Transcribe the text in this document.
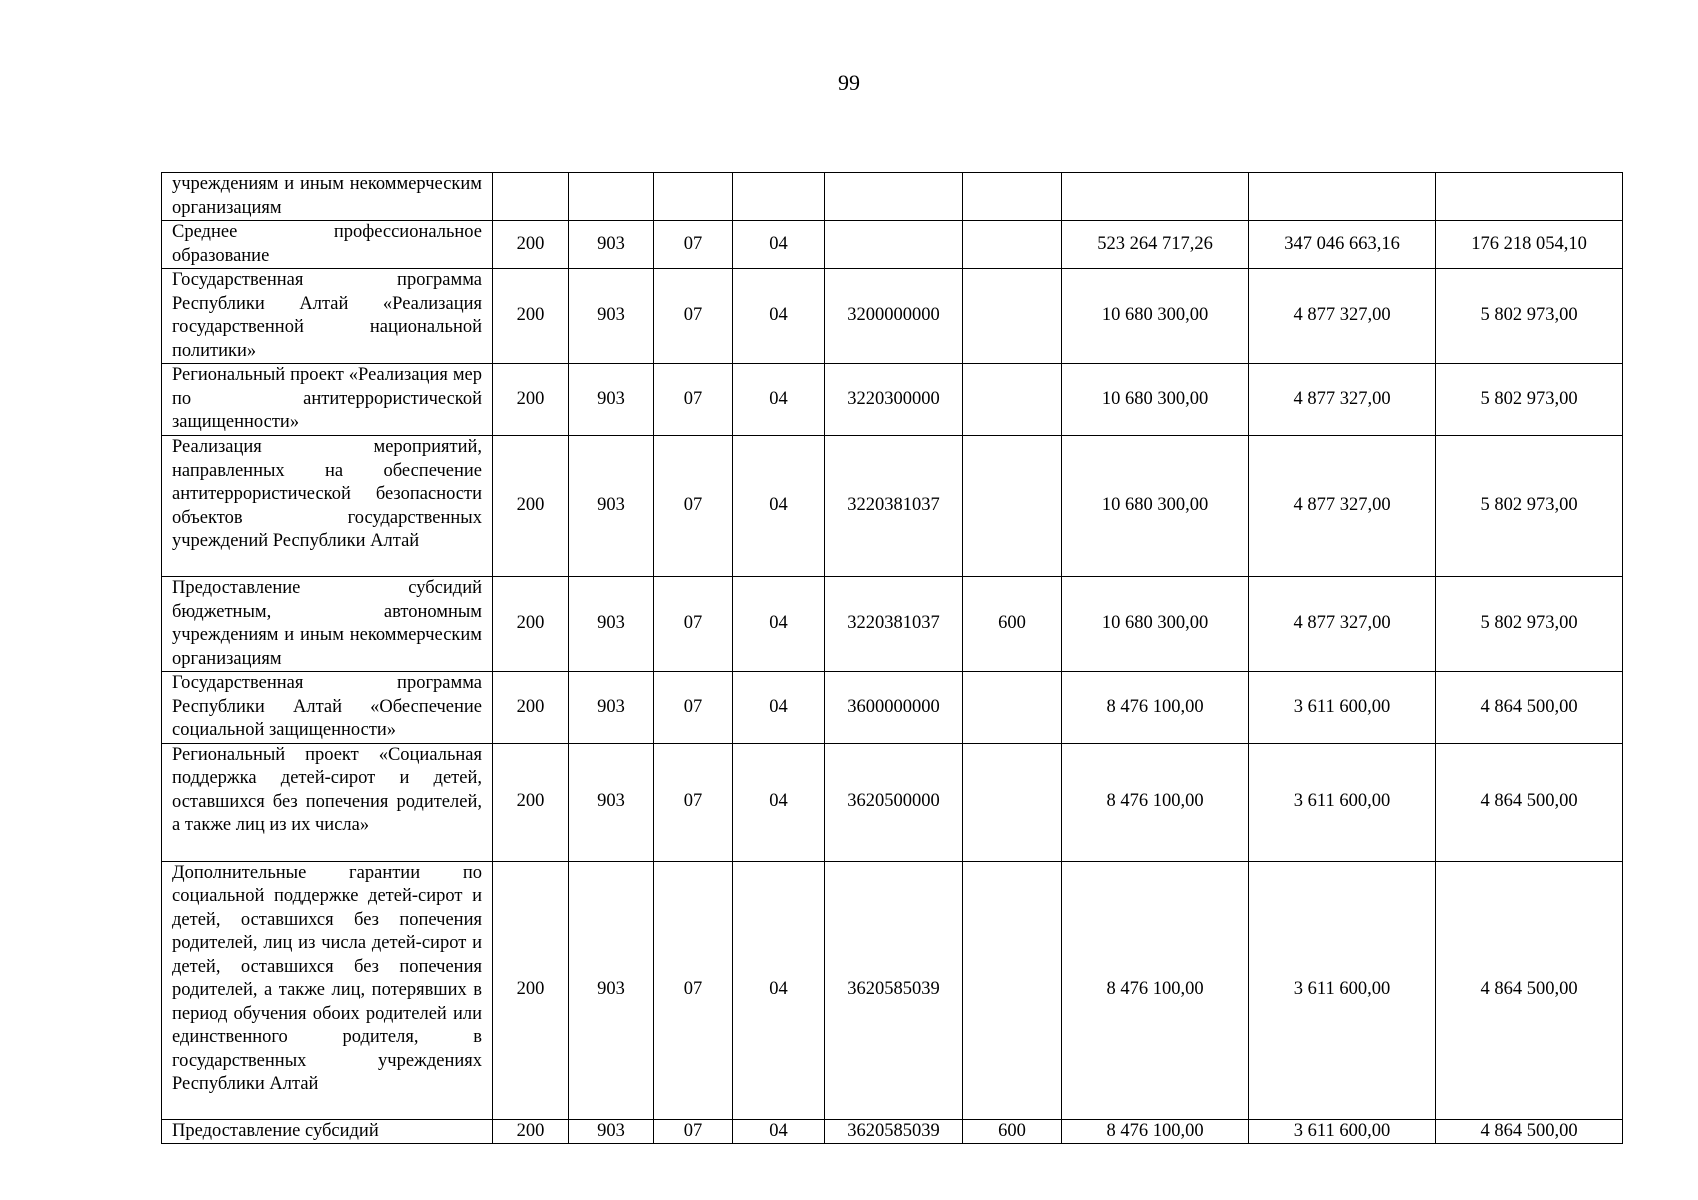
99
учреждениям и иным некоммерческим организациям									
Среднее профессиональное образование	200	903	07	04			523 264 717,26	347 046 663,16	176 218 054,10
Государственная программа Республики Алтай «Реализация государственной национальной политики»	200	903	07	04	3200000000		10 680 300,00	4 877 327,00	5 802 973,00
Региональный проект «Реализация мер по антитеррористической защищенности»	200	903	07	04	3220300000		10 680 300,00	4 877 327,00	5 802 973,00
Реализация мероприятий, направленных на обеспечение антитеррористической безопасности объектов государственных учреждений Республики Алтай	200	903	07	04	3220381037		10 680 300,00	4 877 327,00	5 802 973,00
Предоставление субсидий бюджетным, автономным учреждениям и иным некоммерческим организациям	200	903	07	04	3220381037	600	10 680 300,00	4 877 327,00	5 802 973,00
Государственная программа Республики Алтай «Обеспечение социальной защищенности»	200	903	07	04	3600000000		8 476 100,00	3 611 600,00	4 864 500,00
Региональный проект «Социальная поддержка детей-сирот и детей, оставшихся без попечения родителей, а также лиц из их числа»	200	903	07	04	3620500000		8 476 100,00	3 611 600,00	4 864 500,00
Дополнительные гарантии по социальной поддержке детей-сирот и детей, оставшихся без попечения родителей, лиц из числа детей-сирот и детей, оставшихся без попечения родителей, а также лиц, потерявших в период обучения обоих родителей или единственного родителя, в государственных учреждениях Республики Алтай	200	903	07	04	3620585039		8 476 100,00	3 611 600,00	4 864 500,00
Предоставление субсидий	200	903	07	04	3620585039	600	8 476 100,00	3 611 600,00	4 864 500,00
